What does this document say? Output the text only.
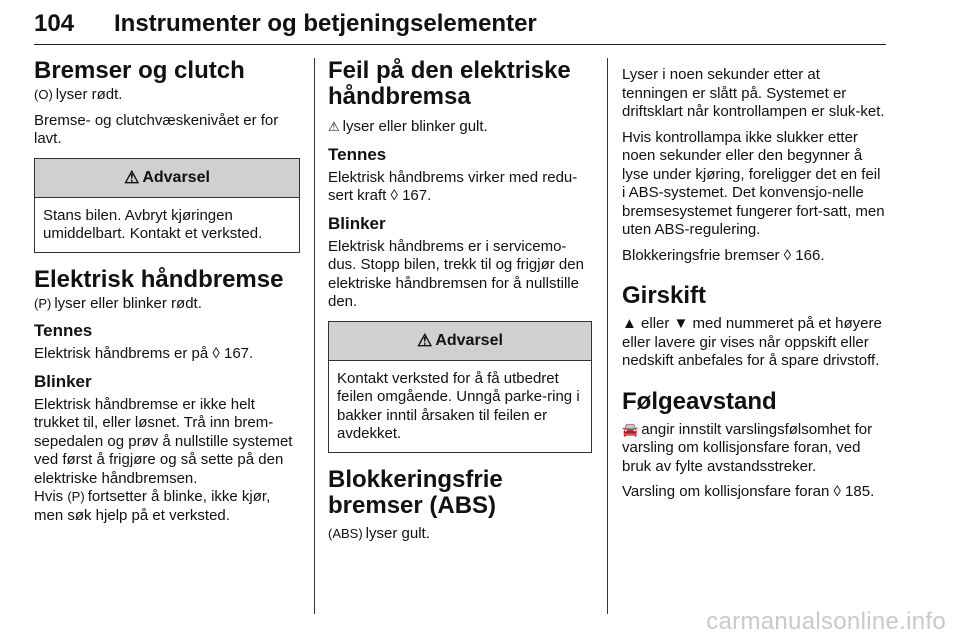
104 Instrumenter og betjeningselementer
Bremser og clutch

(O) lyser rødt.

Bremse- og clutchvæskenivået er for lavt.

⚠ Advarsel
Stans bilen. Avbryt kjøringen umiddelbart. Kontakt et verksted.
Elektrisk håndbremse

(P) lyser eller blinker rødt.

Tennes

Elektrisk håndbrems er på ◊ 167.

Blinker

Elektrisk håndbremse er ikke helt trukket til, eller løsnet. Trå inn brem-sepedalen og prøv å nullstille systemet ved først å frigjøre og så sette på den elektriske håndbremsen.

Hvis (P) fortsetter å blinke, ikke kjør, men søk hjelp på et verksted.

Feil på den elektriske håndbremsa

⚠ lyser eller blinker gult.

Tennes

Elektrisk håndbrems virker med redu-sert kraft ◊ 167.

Blinker

Elektrisk håndbrems er i servicemo-dus. Stopp bilen, trekk til og frigjør den elektriske håndbremsen for å nullstille den.

⚠ Advarsel
Kontakt verksted for å få utbedret feilen omgående. Unngå parke-ring i bakker inntil årsaken til feilen er avdekket.
Blokkeringsfrie bremser (ABS)

(ABS) lyser gult.

Lyser i noen sekunder etter at tenningen er slått på. Systemet er driftsklart når kontrollampen er sluk-ket.

Hvis kontrollampa ikke slukker etter noen sekunder eller den begynner å lyse under kjøring, foreligger det en feil i ABS-systemet. Det konvensjo-nelle bremsesystemet fungerer fort-satt, men uten ABS-regulering.

Blokkeringsfrie bremser ◊ 166.

Girskift

▲ eller ▼ med nummeret på et høyere eller lavere gir vises når oppskift eller nedskift anbefales for å spare drivstoff.

Følgeavstand

🚘 angir innstilt varslingsfølsomhet for varsling om kollisjonsfare foran, ved bruk av fylte avstandsstreker.

Varsling om kollisjonsfare foran ◊ 185.

carmanualsonline.info
